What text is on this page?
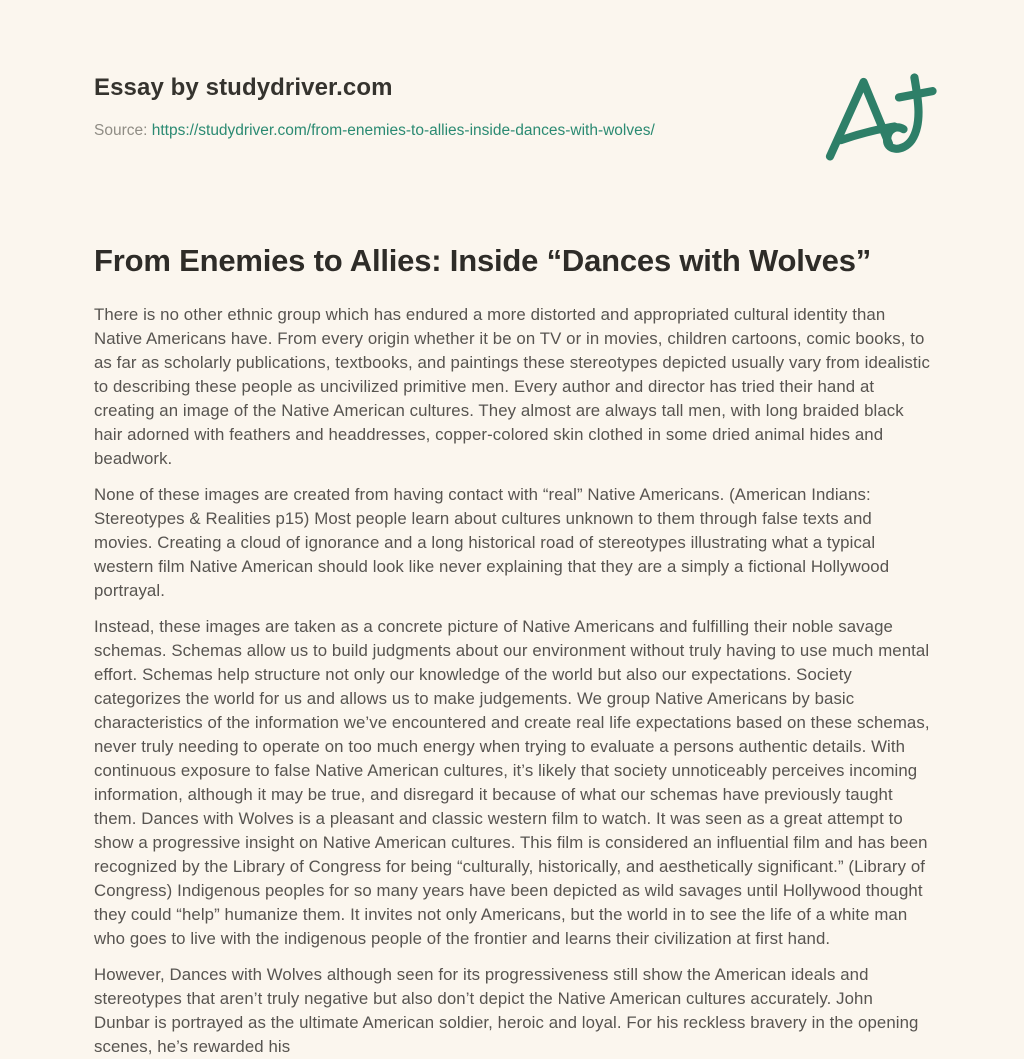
Essay by studydriver.com
Source: https://studydriver.com/from-enemies-to-allies-inside-dances-with-wolves/
From Enemies to Allies: Inside “Dances with Wolves”

There is no other ethnic group which has endured a more distorted and appropriated cultural identity than Native Americans have. From every origin whether it be on TV or in movies, children cartoons, comic books, to as far as scholarly publications, textbooks, and paintings these stereotypes depicted usually vary from idealistic to describing these people as uncivilized primitive men. Every author and director has tried their hand at creating an image of the Native American cultures. They almost are always tall men, with long braided black hair adorned with feathers and headdresses, copper-colored skin clothed in some dried animal hides and beadwork.

None of these images are created from having contact with “real” Native Americans. (American Indians: Stereotypes & Realities p15) Most people learn about cultures unknown to them through false texts and movies. Creating a cloud of ignorance and a long historical road of stereotypes illustrating what a typical western film Native American should look like never explaining that they are a simply a fictional Hollywood portrayal.

Instead, these images are taken as a concrete picture of Native Americans and fulfilling their noble savage schemas. Schemas allow us to build judgments about our environment without truly having to use much mental effort. Schemas help structure not only our knowledge of the world but also our expectations. Society categorizes the world for us and allows us to make judgements. We group Native Americans by basic characteristics of the information we’ve encountered and create real life expectations based on these schemas, never truly needing to operate on too much energy when trying to evaluate a persons authentic details. With continuous exposure to false Native American cultures, it’s likely that society unnoticeably perceives incoming information, although it may be true, and disregard it because of what our schemas have previously taught them. Dances with Wolves is a pleasant and classic western film to watch. It was seen as a great attempt to show a progressive insight on Native American cultures. This film is considered an influential film and has been recognized by the Library of Congress for being “culturally, historically, and aesthetically significant.” (Library of Congress) Indigenous peoples for so many years have been depicted as wild savages until Hollywood thought they could “help” humanize them. It invites not only Americans, but the world in to see the life of a white man who goes to live with the indigenous people of the frontier and learns their civilization at first hand.

However, Dances with Wolves although seen for its progressiveness still show the American ideals and stereotypes that aren’t truly negative but also don’t depict the Native American cultures accurately. John Dunbar is portrayed as the ultimate American soldier, heroic and loyal. For his reckless bravery in the opening scenes, he’s rewarded his
